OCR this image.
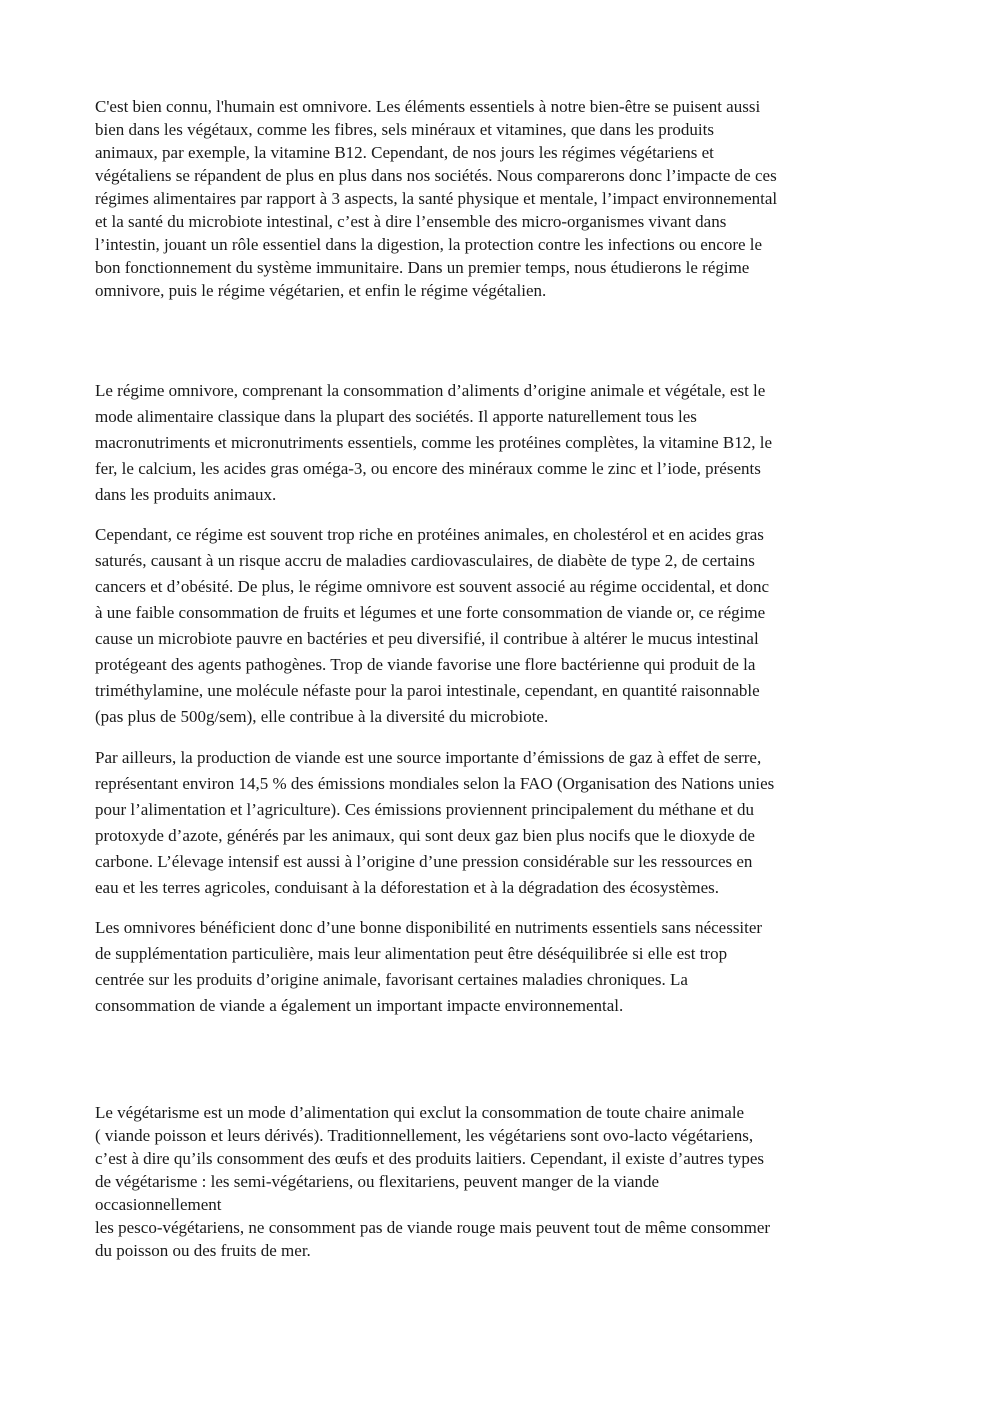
C'est bien connu, l'humain est omnivore. Les éléments essentiels à notre bien-être se puisent aussi
bien dans les végétaux, comme les fibres, sels minéraux et vitamines, que dans les produits
animaux, par exemple, la vitamine B12. Cependant, de nos jours les régimes végétariens et
végétaliens se répandent de plus en plus dans nos sociétés. Nous comparerons donc l’impacte de ces
régimes alimentaires par rapport à 3 aspects, la santé physique et mentale, l’impact environnemental
et la santé du microbiote intestinal, c’est à dire l’ensemble des micro-organismes vivant dans
l’intestin, jouant un rôle essentiel dans la digestion, la protection contre les infections ou encore le
bon fonctionnement du système immunitaire. Dans un premier temps, nous étudierons le régime
omnivore, puis le régime végétarien, et enfin le régime végétalien.

Le régime omnivore, comprenant la consommation d’aliments d’origine animale et végétale, est le
mode alimentaire classique dans la plupart des sociétés. Il apporte naturellement tous les
macronutriments et micronutriments essentiels, comme les protéines complètes, la vitamine B12, le
fer, le calcium, les acides gras oméga-3, ou encore des minéraux comme le zinc et l’iode, présents
dans les produits animaux.

Cependant, ce régime est souvent trop riche en protéines animales, en cholestérol et en acides gras
saturés, causant à un risque accru de maladies cardiovasculaires, de diabète de type 2, de certains
cancers et d’obésité. De plus, le régime omnivore est souvent associé au régime occidental, et donc
à une faible consommation de fruits et légumes et une forte consommation de viande or, ce régime
cause un microbiote pauvre en bactéries et peu diversifié, il contribue à altérer le mucus intestinal
protégeant des agents pathogènes. Trop de viande favorise une flore bactérienne qui produit de la
triméthylamine, une molécule néfaste pour la paroi intestinale, cependant, en quantité raisonnable
(pas plus de 500g/sem), elle contribue à la diversité du microbiote.

Par ailleurs, la production de viande est une source importante d’émissions de gaz à effet de serre,
représentant environ 14,5 % des émissions mondiales selon la FAO (Organisation des Nations unies
pour l’alimentation et l’agriculture). Ces émissions proviennent principalement du méthane et du
protoxyde d’azote, générés par les animaux, qui sont deux gaz bien plus nocifs que le dioxyde de
carbone. L’élevage intensif est aussi à l’origine d’une pression considérable sur les ressources en
eau et les terres agricoles, conduisant à la déforestation et à la dégradation des écosystèmes.

Les omnivores bénéficient donc d’une bonne disponibilité en nutriments essentiels sans nécessiter
de supplémentation particulière, mais leur alimentation peut être déséquilibrée si elle est trop
centrée sur les produits d’origine animale, favorisant certaines maladies chroniques. La
consommation de viande a également un important impacte environnemental.

Le végétarisme est un mode d’alimentation qui exclut la consommation de toute chaire animale
( viande poisson et leurs dérivés). Traditionnellement, les végétariens sont ovo-lacto végétariens,
c’est à dire qu’ils consomment des œufs et des produits laitiers. Cependant, il existe d’autres types
de végétarisme : les semi-végétariens, ou flexitariens, peuvent manger de la viande
occasionnellement
les pesco-végétariens, ne consomment pas de viande rouge mais peuvent tout de même consommer
du poisson ou des fruits de mer.
